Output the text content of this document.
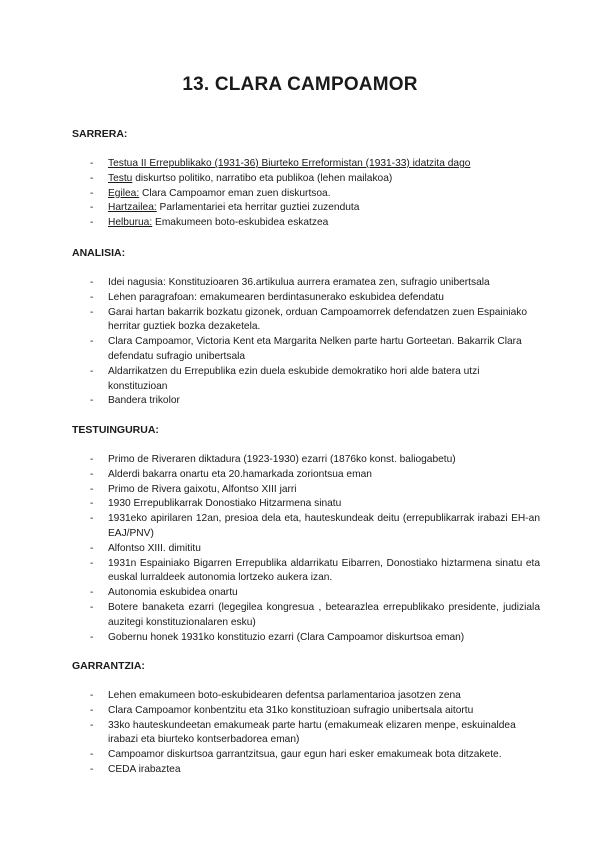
13. CLARA CAMPOAMOR
SARRERA:
- Testua II Errepublikako (1931-36) Biurteko Erreformistan (1931-33) idatzita dago
- Testu diskurtso politiko, narratibo eta publikoa (lehen mailakoa)
- Egilea: Clara Campoamor eman zuen diskurtsoa.
- Hartzailea: Parlamentariei eta herritar guztiei zuzenduta
- Helburua: Emakumeen boto-eskubidea eskatzea
ANALISIA:
- Idei nagusia: Konstituzioaren 36.artikulua aurrera eramatea zen, sufragio unibertsala
- Lehen paragrafoan: emakumearen berdintasunerako eskubidea defendatu
- Garai hartan bakarrik bozkatu gizonek, orduan Campoamorrek defendatzen zuen Espainiako herritar guztiek bozka dezaketela.
- Clara Campoamor, Victoria Kent eta Margarita Nelken parte hartu Gorteetan. Bakarrik Clara defendatu sufragio unibertsala
- Aldarrikatzen du Errepublika ezin duela eskubide demokratiko hori alde batera utzi konstituzioan
- Bandera trikolor
TESTUINGURUA:
- Primo de Riveraren diktadura (1923-1930) ezarri (1876ko konst. baliogabetu)
- Alderdi bakarra onartu eta 20.hamarkada zoriontsua eman
- Primo de Rivera gaixotu, Alfontso XIII jarri
- 1930 Errepublikarrak Donostiako Hitzarmena sinatu
- 1931eko apirilaren 12an, presioa dela eta, hauteskundeak deitu (errepublikarrak irabazi EH-an EAJ/PNV)
- Alfontso XIII. dimititu
- 1931n Espainiako Bigarren Errepublika aldarrikatu Eibarren, Donostiako hiztarmena sinatu eta euskal lurraldeek autonomia lortzeko aukera izan.
- Autonomia eskubidea onartu
- Botere banaketa ezarri (legegilea kongresua , betearazlea errepublikako presidente, judiziala auzitegi konstituzionalaren esku)
- Gobernu honek 1931ko konstituzio ezarri (Clara Campoamor diskurtsoa eman)
GARRANTZIA:
- Lehen emakumeen boto-eskubidearen defentsa parlamentarioa jasotzen zena
- Clara Campoamor konbentzitu eta 31ko konstituzioan sufragio unibertsala aitortu
- 33ko hauteskundeetan emakumeak parte hartu (emakumeak elizaren menpe, eskuinaldea irabazi eta biurteko kontserbadorea eman)
- Campoamor diskurtsoa garrantzitsua, gaur egun hari esker emakumeak bota ditzakete.
- CEDA irabaztea
